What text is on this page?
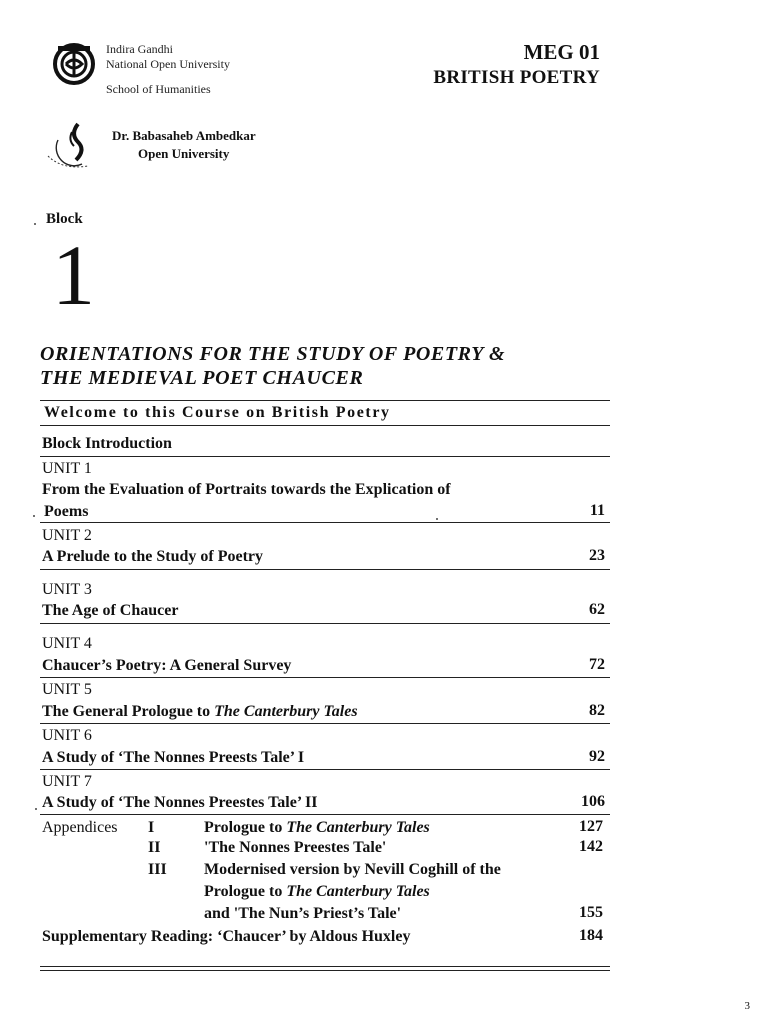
Indira Gandhi
National Open University
School of Humanities
Dr. Babasaheb Ambedkar
Open University
MEG 01
BRITISH POETRY
Block
1
ORIENTATIONS FOR THE STUDY OF POETRY &
THE MEDIEVAL POET CHAUCER
Welcome to this Course on British Poetry
Block Introduction
UNIT 1
From the Evaluation of Portraits towards the Explication of
Poems	11
UNIT 2
A Prelude to the Study of Poetry	23
UNIT 3
The Age of Chaucer	62
UNIT 4
Chaucer’s Poetry: A General Survey	72
UNIT 5
The General Prologue to The Canterbury Tales	82
UNIT 6
A Study of ‘The Nonnes Preests Tale’ I	92
UNIT 7
A Study of ‘The Nonnes Preestes Tale’ II	106
Appendices I	Prologue to The Canterbury Tales	127
II	'The Nonnes Preestes Tale'	142
III Modernised version by Nevill Coghill of the
Prologue to The Canterbury Tales
and 'The Nun’s Priest’s Tale'	155
Supplementary Reading: ‘Chaucer’ by Aldous Huxley	184
3
